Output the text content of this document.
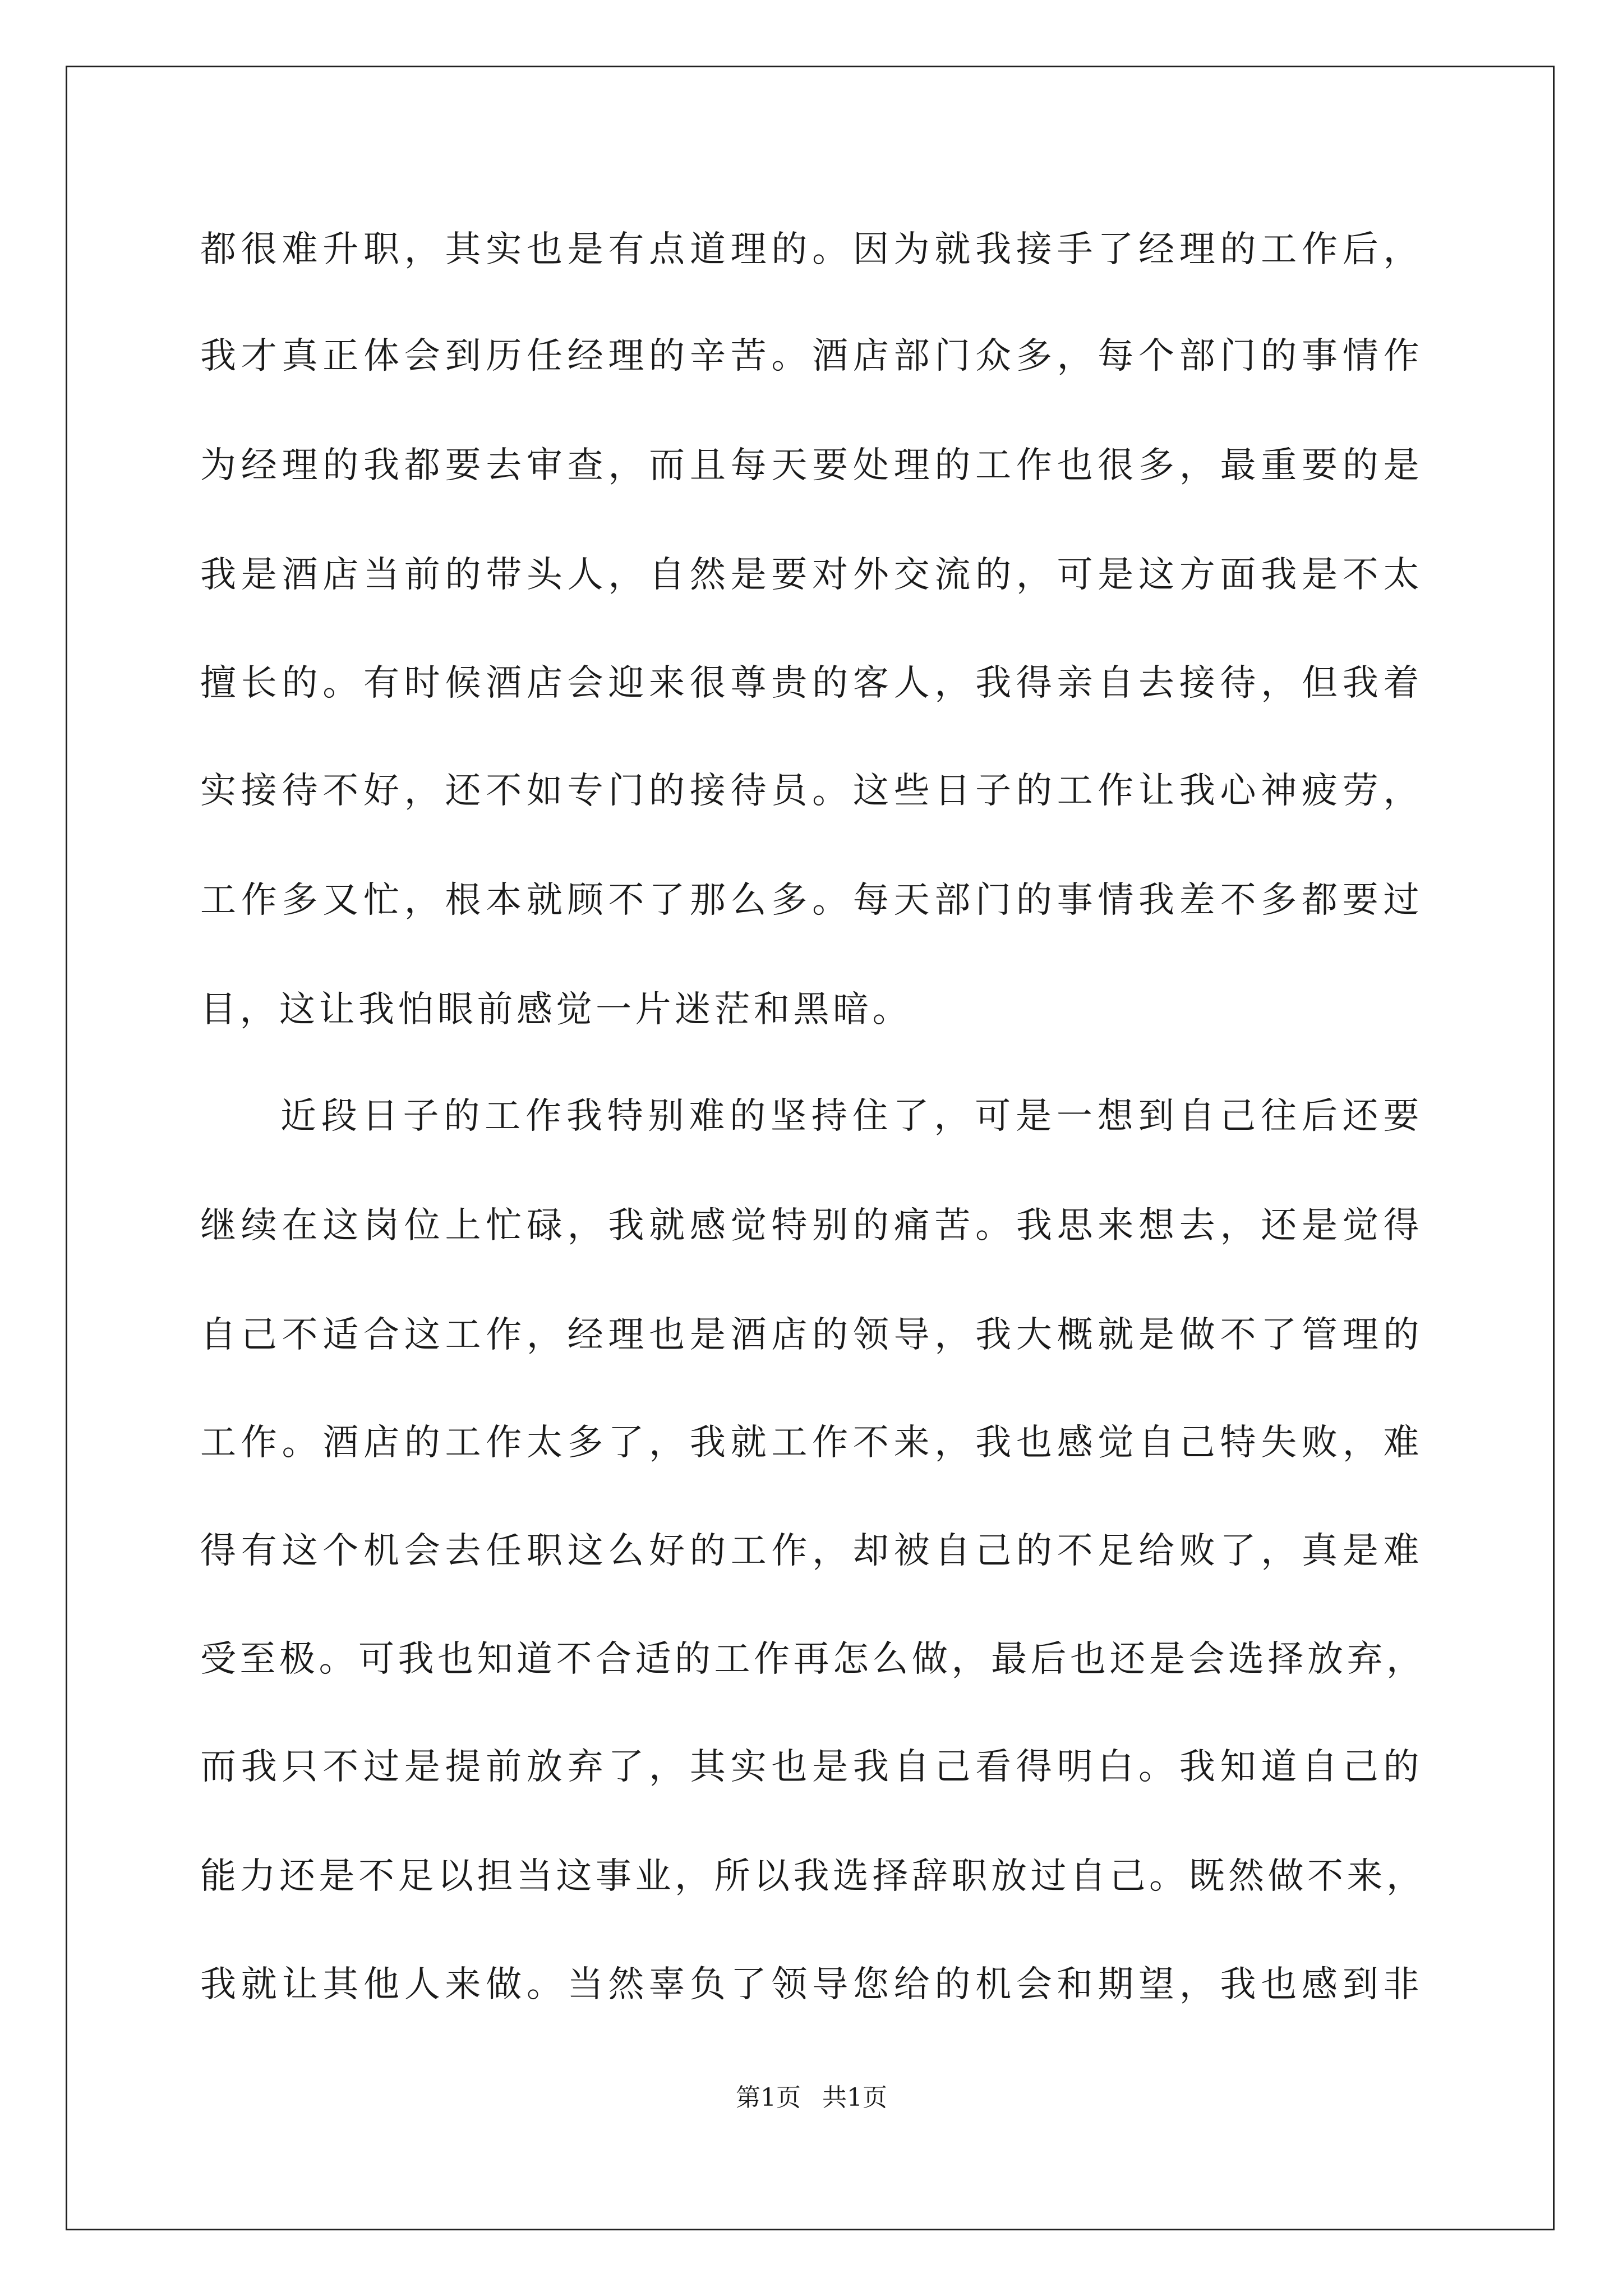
都很难升职，其实也是有点道理的。因为就我接手了经理的工作后，
我才真正体会到历任经理的辛苦。酒店部门众多，每个部门的事情作
为经理的我都要去审查，而且每天要处理的工作也很多，最重要的是
我是酒店当前的带头人，自然是要对外交流的，可是这方面我是不太
擅长的。有时候酒店会迎来很尊贵的客人，我得亲自去接待，但我着
实接待不好，还不如专门的接待员。这些日子的工作让我心神疲劳，
工作多又忙，根本就顾不了那么多。每天部门的事情我差不多都要过
目，这让我怕眼前感觉一片迷茫和黑暗。
近段日子的工作我特别难的坚持住了，可是一想到自己往后还要
继续在这岗位上忙碌，我就感觉特别的痛苦。我思来想去，还是觉得
自己不适合这工作，经理也是酒店的领导，我大概就是做不了管理的
工作。酒店的工作太多了，我就工作不来，我也感觉自己特失败，难
得有这个机会去任职这么好的工作，却被自己的不足给败了，真是难
受至极。可我也知道不合适的工作再怎么做，最后也还是会选择放弃，
而我只不过是提前放弃了，其实也是我自己看得明白。我知道自己的
能力还是不足以担当这事业，所以我选择辞职放过自己。既然做不来，
我就让其他人来做。当然辜负了领导您给的机会和期望，我也感到非
第1页 共1页
